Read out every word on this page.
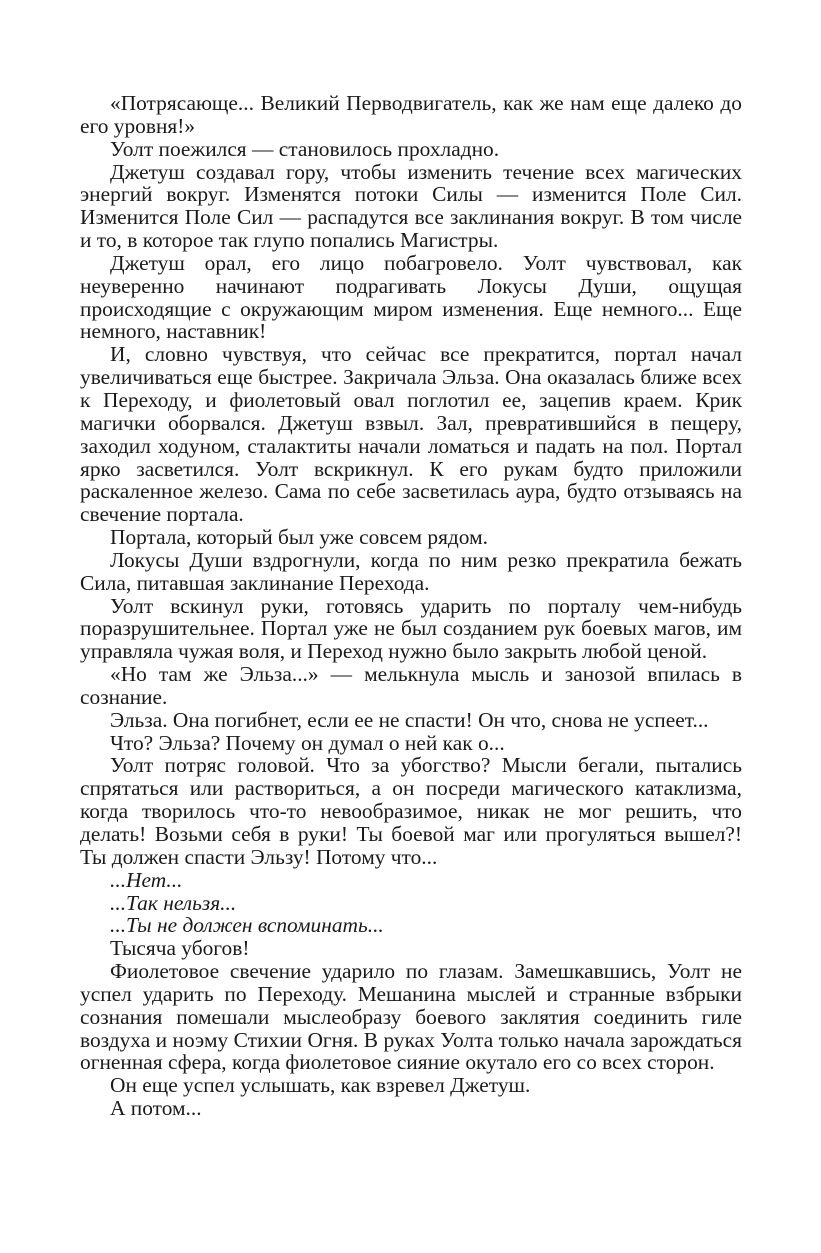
«Потрясающе... Великий Перводвигатель, как же нам еще далеко до его уровня!»

Уолт поежился — становилось прохладно.

Джетуш создавал гору, чтобы изменить течение всех магических энергий вокруг. Изменятся потоки Силы — изменится Поле Сил. Изменится Поле Сил — распадутся все заклинания вокруг. В том числе и то, в которое так глупо попались Магистры.

Джетуш орал, его лицо побагровело. Уолт чувствовал, как неуверенно начинают подрагивать Локусы Души, ощущая происходящие с окружающим миром изменения. Еще немного... Еще немного, наставник!

И, словно чувствуя, что сейчас все прекратится, портал начал увеличиваться еще быстрее. Закричала Эльза. Она оказалась ближе всех к Переходу, и фиолетовый овал поглотил ее, зацепив краем. Крик магички оборвался. Джетуш взвыл. Зал, превратившийся в пещеру, заходил ходуном, сталактиты начали ломаться и падать на пол. Портал ярко засветился. Уолт вскрикнул. К его рукам будто приложили раскаленное железо. Сама по себе засветилась аура, будто отзываясь на свечение портала.

Портала, который был уже совсем рядом.

Локусы Души вздрогнули, когда по ним резко прекратила бежать Сила, питавшая заклинание Перехода.

Уолт вскинул руки, готовясь ударить по порталу чем-нибудь поразрушительнее. Портал уже не был созданием рук боевых магов, им управляла чужая воля, и Переход нужно было закрыть любой ценой.

«Но там же Эльза...» — мелькнула мысль и занозой впилась в сознание.

Эльза. Она погибнет, если ее не спасти! Он что, снова не успеет...

Что? Эльза? Почему он думал о ней как о...

Уолт потряс головой. Что за убогство? Мысли бегали, пытались спрятаться или раствориться, а он посреди магического катаклизма, когда творилось что-то невообразимое, никак не мог решить, что делать! Возьми себя в руки! Ты боевой маг или прогуляться вышел?! Ты должен спасти Эльзу! Потому что...

...Нет...

...Так нельзя...

...Ты не должен вспоминать...

Тысяча убогов!

Фиолетовое свечение ударило по глазам. Замешкавшись, Уолт не успел ударить по Переходу. Мешанина мыслей и странные взбрыки сознания помешали мыслеобразу боевого заклятия соединить гиле воздуха и ноэму Стихии Огня. В руках Уолта только начала зарождаться огненная сфера, когда фиолетовое сияние окутало его со всех сторон.

Он еще успел услышать, как взревел Джетуш.

А потом...
